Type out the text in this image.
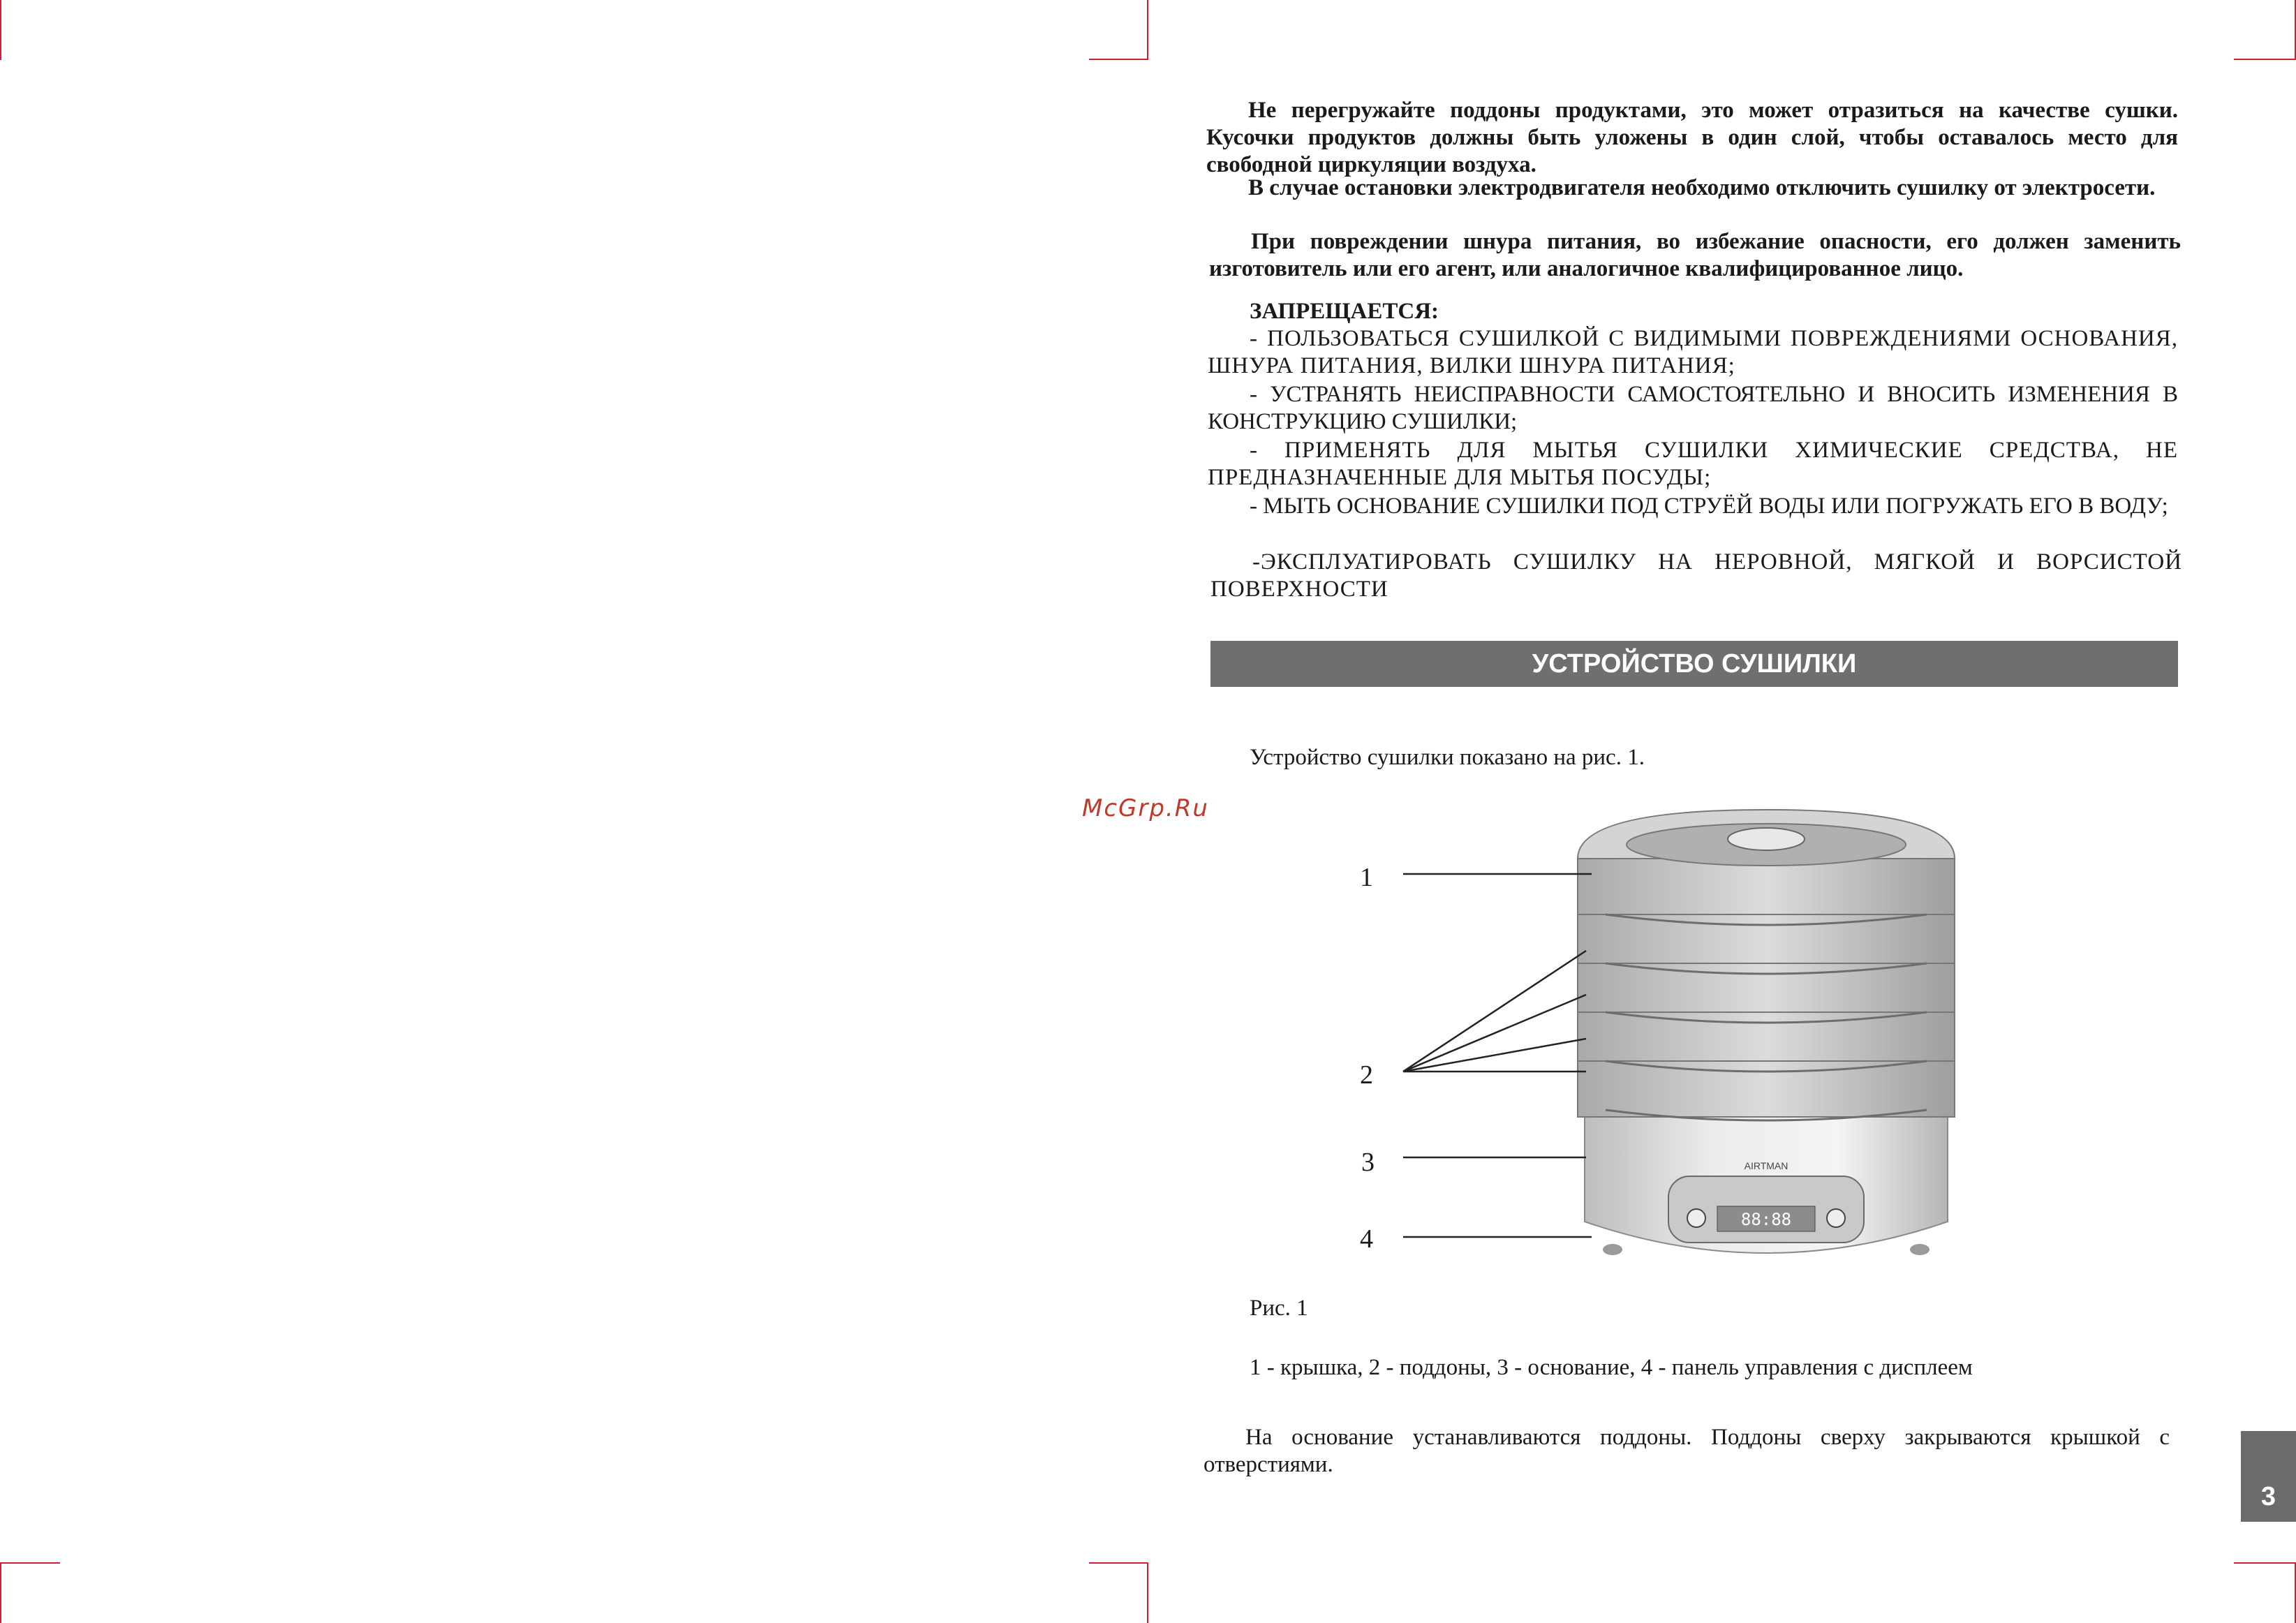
McGrp.Ru

Не перегружайте поддоны продуктами, это может отразиться на качестве сушки. Кусочки продуктов должны быть уложены в один слой, чтобы оставалось место для свободной циркуляции воздуха.

В случае остановки электродвигателя необходимо отключить сушилку от электросети.

При повреждении шнура питания, во избежание опасности, его должен заменить изготовитель или его агент, или аналогичное квалифицированное лицо.

ЗАПРЕЩАЕТСЯ:

- ПОЛЬЗОВАТЬСЯ СУШИЛКОЙ С ВИДИМЫМИ ПОВРЕЖДЕНИЯМИ ОСНОВАНИЯ, ШНУРА ПИТАНИЯ, ВИЛКИ ШНУРА ПИТАНИЯ;

- УСТРАНЯТЬ НЕИСПРАВНОСТИ САМОСТОЯТЕЛЬНО И ВНОСИТЬ ИЗМЕНЕНИЯ В КОНСТРУКЦИЮ СУШИЛКИ;

- ПРИМЕНЯТЬ ДЛЯ МЫТЬЯ СУШИЛКИ ХИМИЧЕСКИЕ СРЕДСТВА, НЕ ПРЕДНАЗНАЧЕННЫЕ ДЛЯ МЫТЬЯ ПОСУДЫ;

- МЫТЬ ОСНОВАНИЕ СУШИЛКИ ПОД СТРУЁЙ ВОДЫ ИЛИ ПОГРУЖАТЬ ЕГО В ВОДУ;

-ЭКСПЛУАТИРОВАТЬ СУШИЛКУ НА НЕРОВНОЙ, МЯГКОЙ И ВОРСИСТОЙ ПОВЕРХНОСТИ

УСТРОЙСТВО СУШИЛКИ

Устройство сушилки показано на рис. 1.

AIRTMAN
88:88
1
2
3
4

Рис. 1

1 - крышка, 2 - поддоны, 3 - основание, 4 - панель управления с дисплеем

На основание устанавливаются поддоны. Поддоны сверху закрываются крышкой с отверстиями.

3
